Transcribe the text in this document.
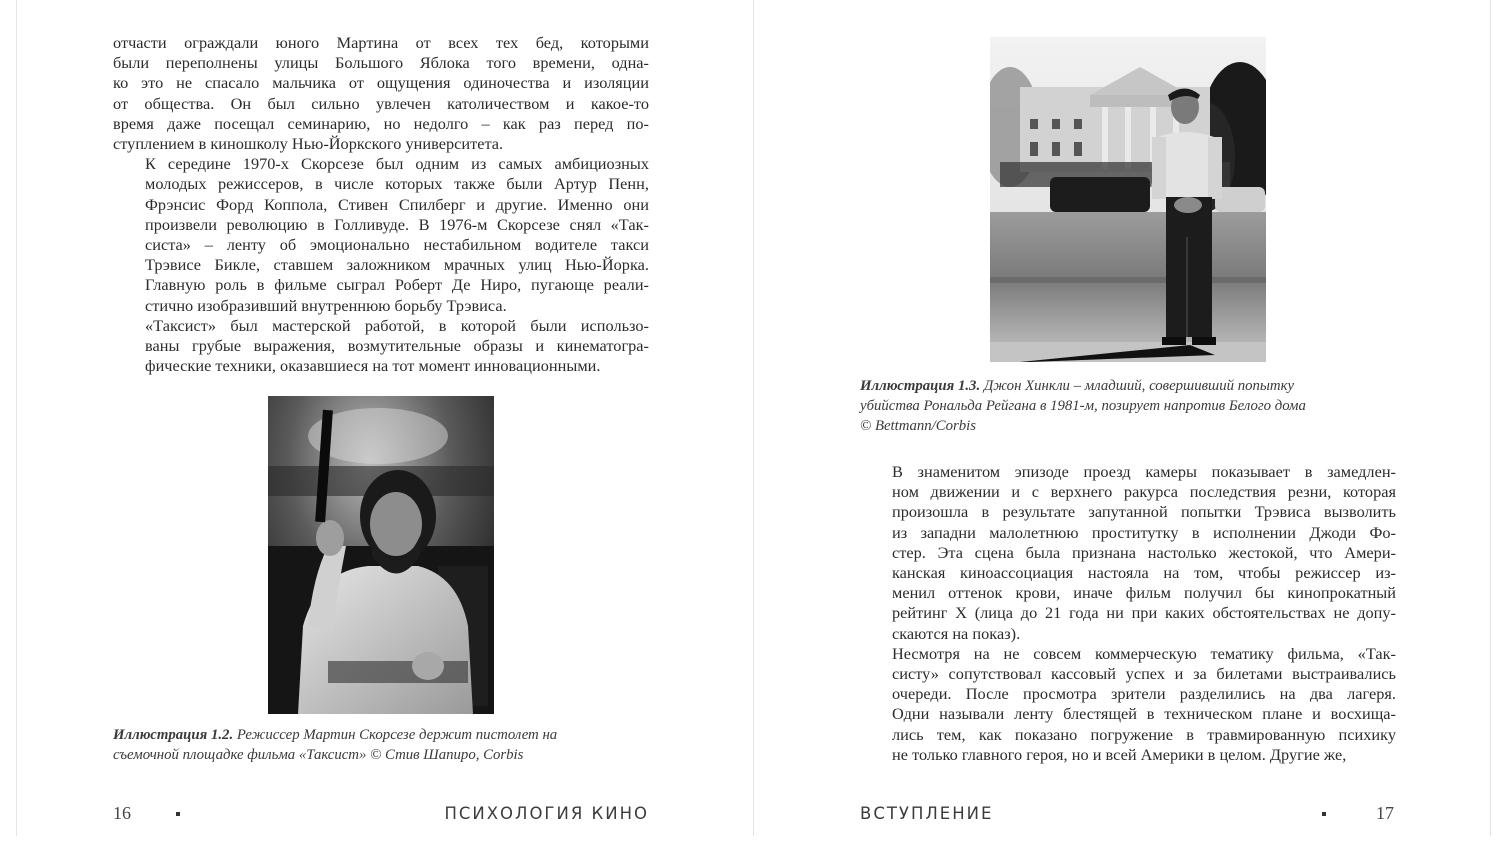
отчасти ограждали юного Мартина от всех тех бед, которыми
были переполнены улицы Большого Яблока того времени, одна-
ко это не спасало мальчика от ощущения одиночества и изоляции
от общества. Он был сильно увлечен католичеством и какое-то
время даже посещал семинарию, но недолго – как раз перед по-
ступлением в киношколу Нью-Йоркского университета.

К середине 1970-х Скорсезе был одним из самых амбициозных
молодых режиссеров, в числе которых также были Артур Пенн,
Фрэнсис Форд Коппола, Стивен Спилберг и другие. Именно они
произвели революцию в Голливуде. В 1976-м Скорсезе снял «Так-
систа» – ленту об эмоционально нестабильном водителе такси
Трэвисе Бикле, ставшем заложником мрачных улиц Нью-Йорка.
Главную роль в фильме сыграл Роберт Де Ниро, пугающе реали-
стично изобразивший внутреннюю борьбу Трэвиса.

«Таксист» был мастерской работой, в которой были использо-
ваны грубые выражения, возмутительные образы и кинематогра-
фические техники, оказавшиеся на тот момент инновационными.

Иллюстрация 1.2. Режиссер Мартин Скорсезе держит пистолет на
съемочной площадке фильма «Таксист» © Стив Шапиро, Corbis
16	ПСИХОЛОГИЯ КИНО
Иллюстрация 1.3. Джон Хинкли – младший, совершивший попытку
убийства Рональда Рейгана в 1981-м, позирует напротив Белого дома
© Bettmann/Corbis

В знаменитом эпизоде проезд камеры показывает в замедлен-
ном движении и с верхнего ракурса последствия резни, которая
произошла в результате запутанной попытки Трэвиса вызволить
из западни малолетнюю проститутку в исполнении Джоди Фо-
стер. Эта сцена была признана настолько жестокой, что Амери-
канская киноассоциация настояла на том, чтобы режиссер из-
менил оттенок крови, иначе фильм получил бы кинопрокатный
рейтинг X (лица до 21 года ни при каких обстоятельствах не допу-
скаются на показ).

Несмотря на не совсем коммерческую тематику фильма, «Так-
систу» сопутствовал кассовый успех и за билетами выстраивались
очереди. После просмотра зрители разделились на два лагеря.
Одни называли ленту блестящей в техническом плане и восхища-
лись тем, как показано погружение в травмированную психику
не только главного героя, но и всей Америки в целом. Другие же,

ВСТУПЛЕНИЕ	17
